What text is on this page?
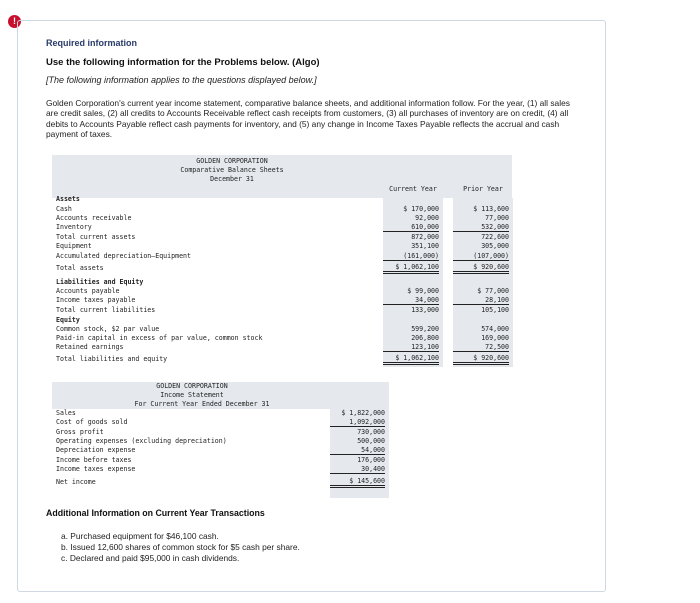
!
Required information
Use the following information for the Problems below. (Algo)
[The following information applies to the questions displayed below.]
Golden Corporation's current year income statement, comparative balance sheets, and additional information follow. For the year, (1) all sales are credit sales, (2) all credits to Accounts Receivable reflect cash receipts from customers, (3) all purchases of inventory are on credit, (4) all debits to Accounts Payable reflect cash payments for inventory, and (5) any change in Income Taxes Payable reflects the accrual and cash payment of taxes.
GOLDEN CORPORATION
Comparative Balance Sheets
December 31
Current Year	Prior Year
Assets
Cash	$ 170,000	$ 113,600
Accounts receivable	92,000	77,000
Inventory	610,000	532,000
Total current assets	872,000	722,600
Equipment	351,100	305,000
Accumulated depreciation—Equipment	(161,000)	(107,000)
Total assets	$ 1,062,100	$ 920,600
Liabilities and Equity
Accounts payable	$ 99,000	$ 77,000
Income taxes payable	34,000	28,100
Total current liabilities	133,000	105,100
Equity
Common stock, $2 par value	599,200	574,000
Paid-in capital in excess of par value, common stock	206,800	169,000
Retained earnings	123,100	72,500
Total liabilities and equity	$ 1,062,100	$ 920,600
GOLDEN CORPORATION
Income Statement
For Current Year Ended December 31
Sales	$ 1,822,000
Cost of goods sold	1,092,000
Gross profit	730,000
Operating expenses (excluding depreciation)	500,000
Depreciation expense	54,000
Income before taxes	176,000
Income taxes expense	30,400
Net income	$ 145,600
Additional Information on Current Year Transactions
a. Purchased equipment for $46,100 cash.
b. Issued 12,600 shares of common stock for $5 cash per share.
c. Declared and paid $95,000 in cash dividends.
